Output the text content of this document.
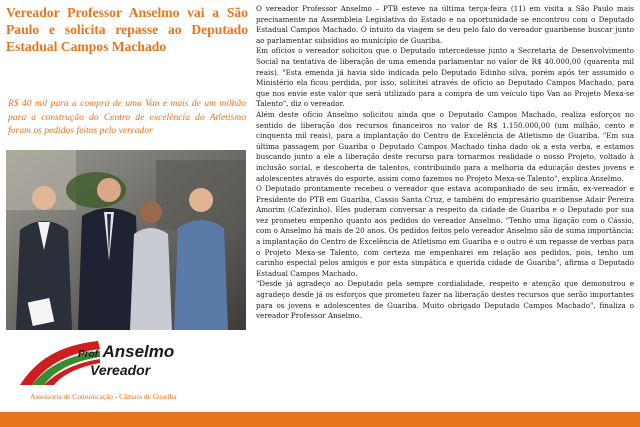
Vereador Professor Anselmo vai a São Paulo e solicita repasse ao Deputado Estadual Campos Machado
R$ 40 mil para a compra de uma Van e mais de um milhão para a construção do Centro de excelência do Atletismo foram os pedidos feitos pelo vereador
Prof Anselmo
Vereador
Assessoria de Comunicação - Câmara de Guariba

O vereador Professor Anselmo – PTB esteve na última terça-feira (11) em visita a São Paulo mais precisamente na Assembleia Legislativa do Estado e na oportunidade se encontrou com o Deputado Estadual Campos Machado. O intuito da viagem se deu pelo falo do vereador guaribense buscar junto ao parlamentar subsídios ao município de Guariba.

Em ofícios o vereador solicitou que o Deputado intercedesse junto a Secretaria de Desenvolvimento Social na tentativa de liberação de uma emenda parlamentar no valor de R$ 40.000,00 (quarenta mil reais). "Esta emenda já havia sido indicada pelo Deputado Edinho silva, porém após ter assumido o Ministério ela ficou perdida, por isso, solicitei através de ofício ao Deputado Campos Machado, para que nos envie este valor que será utilizado para a compra de um veículo tipo Van ao Projeto Mexa-se Talento", diz o vereador.

Além deste ofício Anselmo solicitou ainda que o Deputado Campos Machado, realiza esforços no sentido de liberação dos recursos financeiros no valor de R$ 1.150.000,00 (um milhão, cento e cinquenta mil reais), para a implantação do Centro de Excelência de Atletismo de Guariba. "Em sua última passagem por Guariba o Deputado Campos Machado tinha dado ok a esta verba, e estamos buscando junto a ele a liberação deste recurso para tornarmos realidade o nosso Projeto, voltado à inclusão social, e descoberta de talentos, contribuindo para a melhoria da educação destes jovens e adolescentes através do esporte, assim como fazemos no Projeto Mexa-se Talento", explica Anselmo.

O Deputado prontamente recebeu o vereador que estava acompanhado de seu irmão, ex-vereador e Presidente do PTB em Guariba, Cassio Santa Cruz, e também do empresário guaribense Adair Pereira Amorim (Cafezinho). Eles puderam conversar a respeito da cidade de Guariba e o Deputado por sua vez prometeu empenho quanto aos pedidos do vereador Anselmo. "Tenho uma ligação com o Cássio, com o Anselmo há mais de 20 anos. Os pedidos feitos pelo vereador Anselmo são de suma importância: a implantação do Centro de Excelência de Atletismo em Guariba e o outro é um repasse de verbas para o Projeto Mexa-se Talento, com certeza me empenharei em relação aos pedidos, pois, tenho um carinho especial pelos amigos e por esta simpática e querida cidade de Guariba", afirma o Deputado Estadual Campos Machado.

"Desde já agradeço ao Deputado pela sempre cordialidade, respeito e atenção que demonstrou e agradeço desde já os esforços que prometeu fazer na liberação destes recursos que serão importantes para os jovens e adolescentes de Guariba. Muito obrigado Deputado Campos Machado", finaliza o vereador Professor Anselmo.
